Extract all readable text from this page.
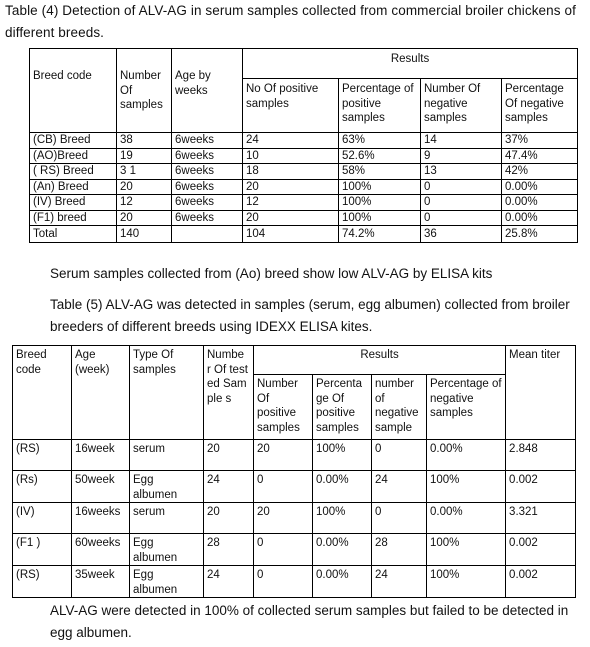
Table (4) Detection of ALV-AG in serum samples collected from commercial broiler chickens of different breeds.
Breed code	Number Of samples	Age by weeks	Results			
			No Of positive samples	Percentage of positive samples	Number Of negative samples	Percentage Of negative samples
(CB) Breed	38	6weeks	24	63%	14	37%
(AO)Breed	19	6weeks	10	52.6%	9	47.4%
( RS) Breed	3 1	6weeks	18	58%	13	42%
(An) Breed	20	6weeks	20	100%	0	0.00%
(IV) Breed	12	6weeks	12	100%	0	0.00%
(F1) breed	20	6weeks	20	100%	0	0.00%
Total	140		104	74.2%	36	25.8%
Serum samples collected from (Ao) breed show low ALV-AG by ELISA kits
Table (5) ALV-AG was detected in samples (serum, egg albumen) collected from broiler breeders of different breeds using IDEXX ELISA kites.
Breed code	Age (week)	Type Of samples	Numbe r Of tested Sample s	Results				Mean titer
				Number Of positive samples	Percenta ge Of positive samples	number of negative sample	Percentage of negative samples	
(RS)	16week	serum	20	20	100%	0	0.00%	2.848
(Rs)	50week	Egg albumen	24	0	0.00%	24	100%	0.002
(IV)	16weeks	serum	20	20	100%	0	0.00%	3.321
(F1 )	60weeks	Egg albumen	28	0	0.00%	28	100%	0.002
(RS)	35week	Egg albumen	24	0	0.00%	24	100%	0.002
ALV-AG were detected in 100% of collected serum samples but failed to be detected in egg albumen.
